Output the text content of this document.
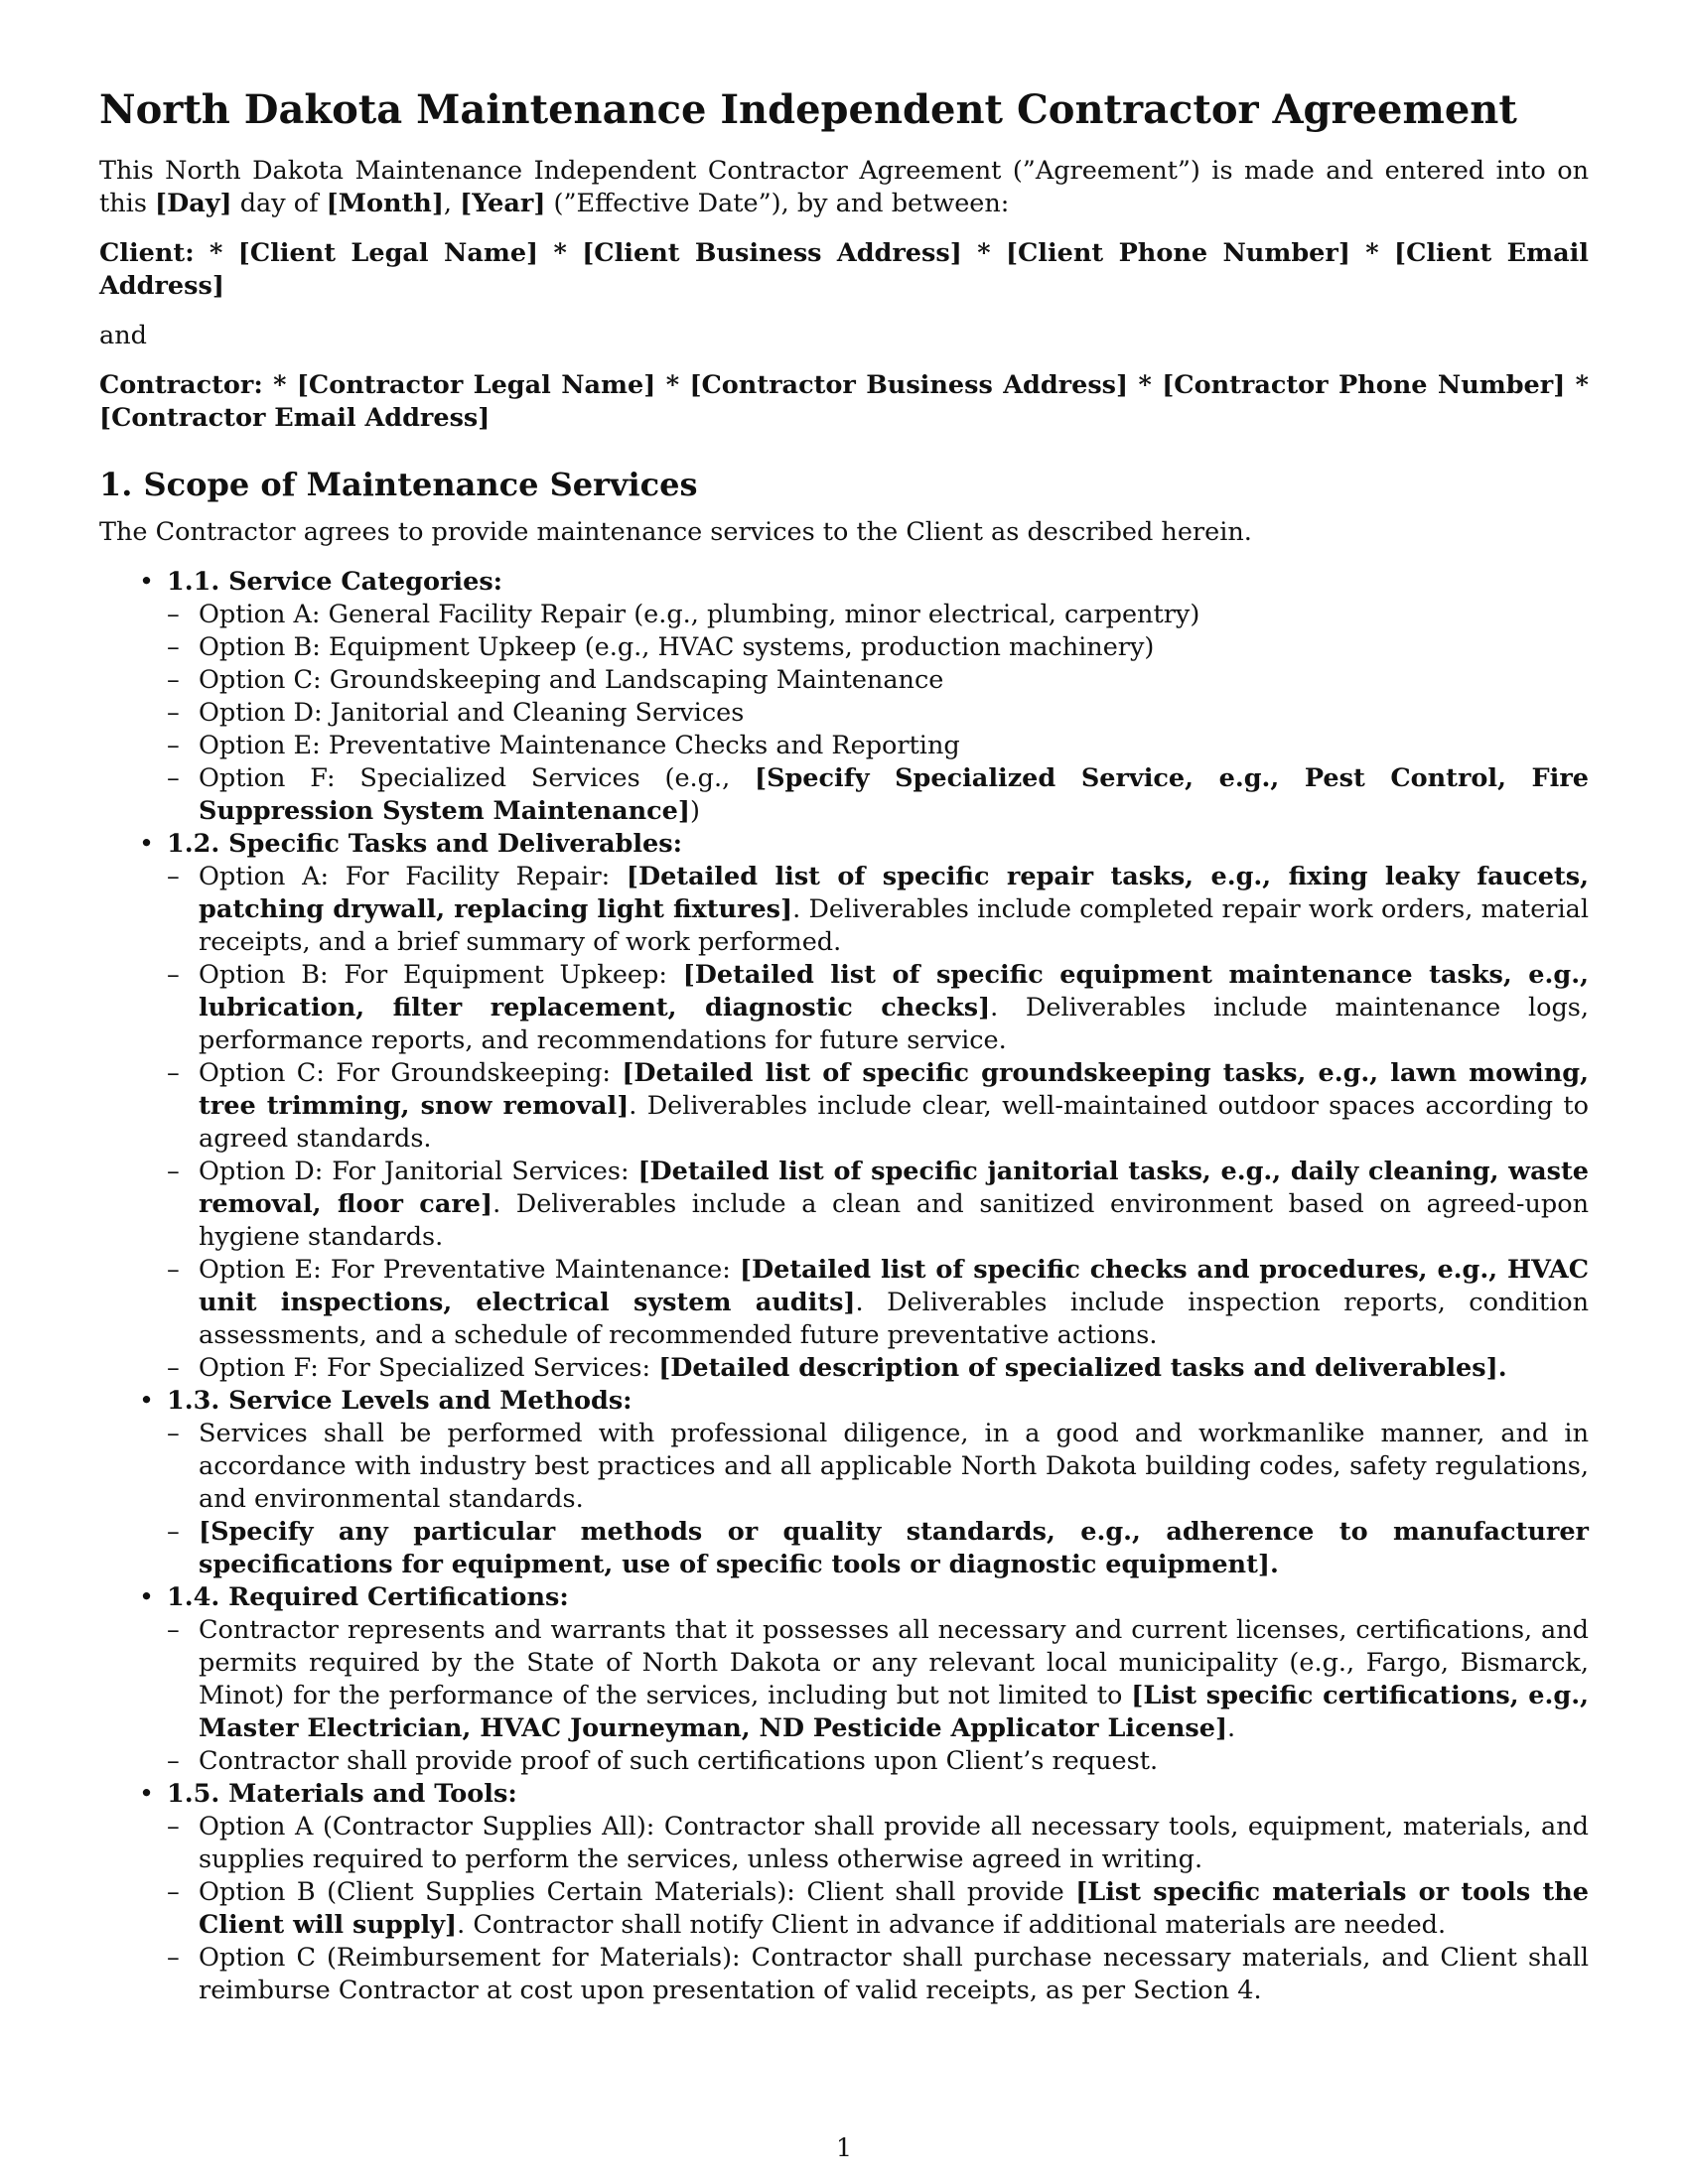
North Dakota Maintenance Independent Contractor Agreement

This North Dakota Maintenance Independent Contractor Agreement (”Agreement”) is made and entered into on this [Day] day of [Month], [Year] (”Effective Date”), by and between:

Client: * [Client Legal Name] * [Client Business Address] * [Client Phone Number] * [Client Email Address]

and

Contractor: * [Contractor Legal Name] * [Contractor Business Address] * [Contractor Phone Number] * [Contractor Email Address]

1. Scope of Maintenance Services

The Contractor agrees to provide maintenance services to the Client as described herein.

• 1.1. Service Categories:
– Option A: General Facility Repair (e.g., plumbing, minor electrical, carpentry)
– Option B: Equipment Upkeep (e.g., HVAC systems, production machinery)
– Option C: Groundskeeping and Landscaping Maintenance
– Option D: Janitorial and Cleaning Services
– Option E: Preventative Maintenance Checks and Reporting
– Option F: Specialized Services (e.g., [Specify Specialized Service, e.g., Pest Control, Fire Suppression System Maintenance])
• 1.2. Specific Tasks and Deliverables:
– Option A: For Facility Repair: [Detailed list of specific repair tasks, e.g., fixing leaky faucets, patching drywall, replacing light fixtures]. Deliverables include completed repair work orders, material receipts, and a brief summary of work performed.
– Option B: For Equipment Upkeep: [Detailed list of specific equipment maintenance tasks, e.g., lubrication, filter replacement, diagnostic checks]. Deliverables include maintenance logs, performance reports, and recommendations for future service.
– Option C: For Groundskeeping: [Detailed list of specific groundskeeping tasks, e.g., lawn mowing, tree trimming, snow removal]. Deliverables include clear, well-maintained outdoor spaces according to agreed standards.
– Option D: For Janitorial Services: [Detailed list of specific janitorial tasks, e.g., daily cleaning, waste removal, floor care]. Deliverables include a clean and sanitized environment based on agreed-upon hygiene standards.
– Option E: For Preventative Maintenance: [Detailed list of specific checks and procedures, e.g., HVAC unit inspections, electrical system audits]. Deliverables include inspection reports, condition assessments, and a schedule of recommended future preventative actions.
– Option F: For Specialized Services: [Detailed description of specialized tasks and deliverables].
• 1.3. Service Levels and Methods:
– Services shall be performed with professional diligence, in a good and workmanlike manner, and in accordance with industry best practices and all applicable North Dakota building codes, safety regulations, and environmental standards.
– [Specify any particular methods or quality standards, e.g., adherence to manufacturer specifications for equipment, use of specific tools or diagnostic equipment].
• 1.4. Required Certifications:
– Contractor represents and warrants that it possesses all necessary and current licenses, certifications, and permits required by the State of North Dakota or any relevant local municipality (e.g., Fargo, Bismarck, Minot) for the performance of the services, including but not limited to [List specific certifications, e.g., Master Electrician, HVAC Journeyman, ND Pesticide Applicator License].
– Contractor shall provide proof of such certifications upon Client’s request.
• 1.5. Materials and Tools:
– Option A (Contractor Supplies All): Contractor shall provide all necessary tools, equipment, materials, and supplies required to perform the services, unless otherwise agreed in writing.
– Option B (Client Supplies Certain Materials): Client shall provide [List specific materials or tools the Client will supply]. Contractor shall notify Client in advance if additional materials are needed.
– Option C (Reimbursement for Materials): Contractor shall purchase necessary materials, and Client shall reimburse Contractor at cost upon presentation of valid receipts, as per Section 4.
1
